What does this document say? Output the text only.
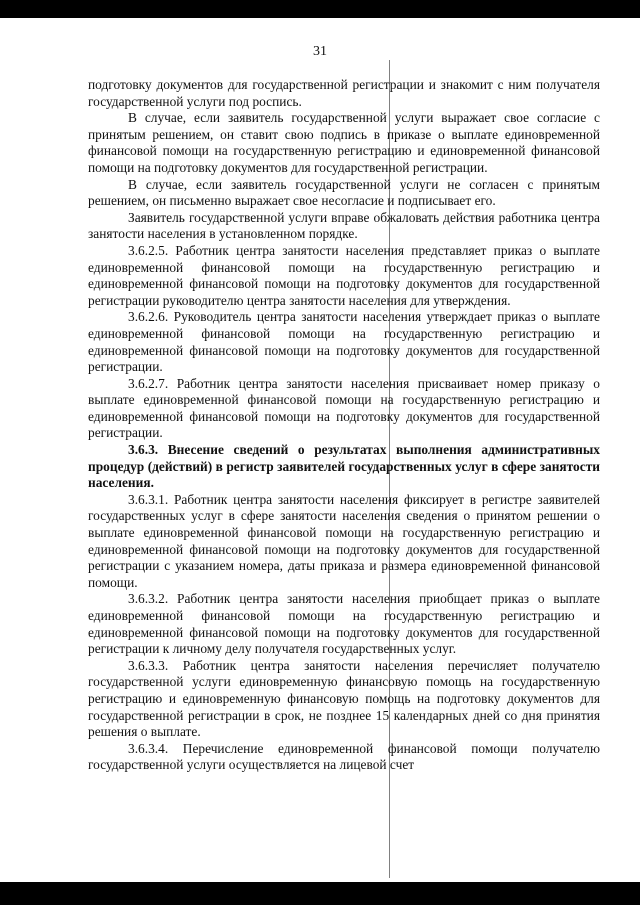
31

подготовку документов для государственной регистрации и знакомит с ним получателя государственной услуги под роспись.

В случае, если заявитель государственной услуги выражает свое согласие с принятым решением, он ставит свою подпись в приказе о выплате единовременной финансовой помощи на государственную регистрацию и единовременной финансовой помощи на подготовку документов для государственной регистрации.

В случае, если заявитель государственной услуги не согласен с принятым решением, он письменно выражает свое несогласие и подписывает его.

Заявитель государственной услуги вправе обжаловать действия работника центра занятости населения в установленном порядке.

3.6.2.5. Работник центра занятости населения представляет приказ о выплате единовременной финансовой помощи на государственную регистрацию и единовременной финансовой помощи на подготовку документов для государственной регистрации руководителю центра занятости населения для утверждения.

3.6.2.6. Руководитель центра занятости населения утверждает приказ о выплате единовременной финансовой помощи на государственную регистрацию и единовременной финансовой помощи на подготовку документов для государственной регистрации.

3.6.2.7. Работник центра занятости населения присваивает номер приказу о выплате единовременной финансовой помощи на государственную регистрацию и единовременной финансовой помощи на подготовку документов для государственной регистрации.

3.6.3. Внесение сведений о результатах выполнения административных процедур (действий) в регистр заявителей государственных услуг в сфере занятости населения.

3.6.3.1. Работник центра занятости населения фиксирует в регистре заявителей государственных услуг в сфере занятости населения сведения о принятом решении о выплате единовременной финансовой помощи на государственную регистрацию и единовременной финансовой помощи на подготовку документов для государственной регистрации с указанием номера, даты приказа и размера единовременной финансовой помощи.

3.6.3.2. Работник центра занятости населения приобщает приказ о выплате единовременной финансовой помощи на государственную регистрацию и единовременной финансовой помощи на подготовку документов для государственной регистрации к личному делу получателя государственных услуг.

3.6.3.3. Работник центра занятости населения перечисляет получателю государственной услуги единовременную финансовую помощь на государственную регистрацию и единовременную финансовую помощь на подготовку документов для государственной регистрации в срок, не позднее 15 календарных дней со дня принятия решения о выплате.

3.6.3.4. Перечисление единовременной финансовой помощи получателю государственной услуги осуществляется на лицевой счет
